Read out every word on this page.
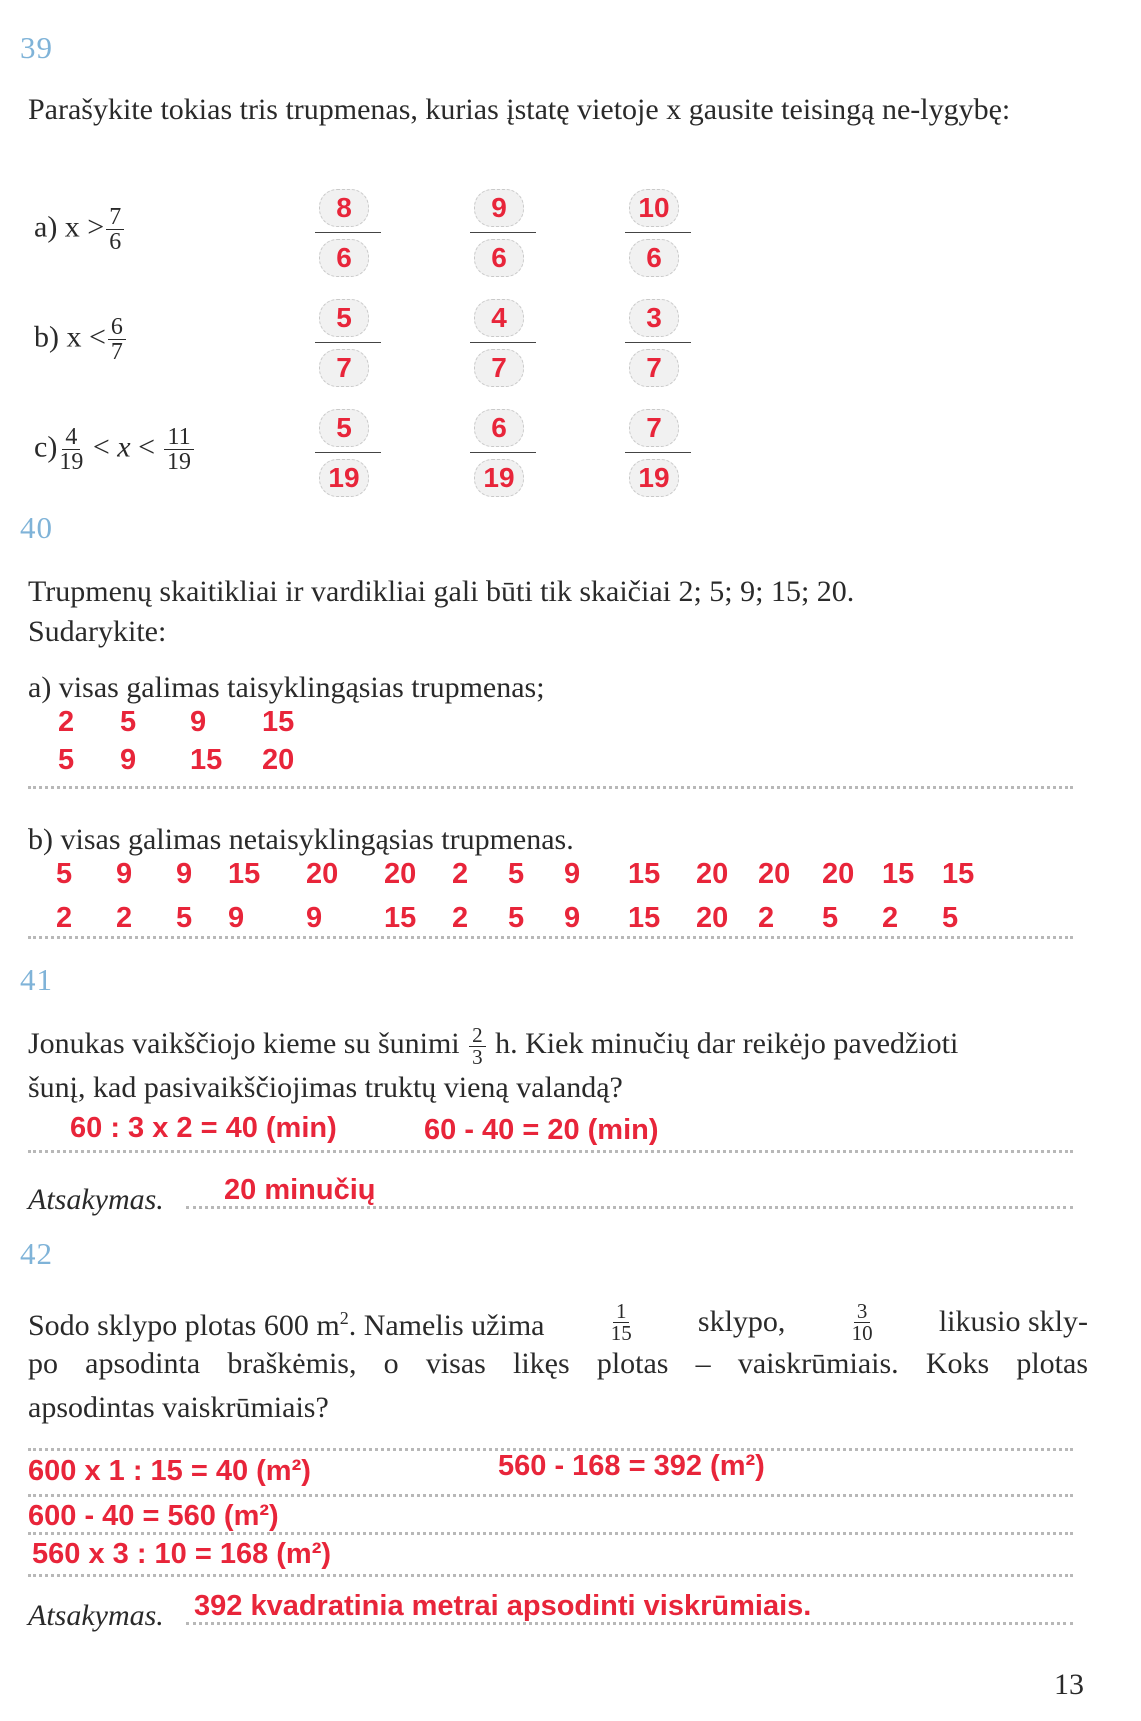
39
Parašykite tokias tris trupmenas, kurias įstatę vietoje x gausite teisingą ne-lygybę:
a) $x > \frac{7}{6}$	$\frac{8}{6}$	$\frac{9}{6}$	$\frac{10}{6}$
b) $x < \frac{6}{7}$	$\frac{5}{7}$	$\frac{4}{7}$	$\frac{3}{7}$
$c) \frac{4}{19} < x < \frac{11}{19}$	$\frac{5}{19}$	$\frac{6}{19}$	$\frac{7}{19}$
40
Trupmenų skaitikliai ir vardikliai gali būti tik skaičiai 2; 5; 9; 15; 20.
Sudarykite:
a) visas galimas taisyklingąsias trupmenas;
2 5 9 15
5 9 15 20
b) visas galimas netaisyklingąsias trupmenas.
5 9 9 15 20 20 2 5 9 15 20 20 20 15 15
2 2 5 9 9 15 2 5 9 15 20 2 5 2 5
41
Jonukas vaikščiojo kieme su šunimi $\frac{2}{3} h$. Kiek minučių dar reikėjo pavedžioti
šunį, kad pasivaikščiojimas truktų vieną valandą?
60 : 3 x 2 = 40 (min)	60 - 40 = 20 (min)
Atsakymas. 20 minučių
42
Sodo sklypo plotas 600 $m^2$. Namelis užima	$\frac{1}{15}$ sklypo,	$\frac{3}{10}$ likusio skly-
po apsodinta braškėmis, o visas likęs plotas – vaiskrūmiais. Koks plotas
apsodintas vaiskrūmiais?
600 x 1 : 15 = 40 (m²)	560 - 168 = 392 (m²)
600 - 40 = 560 (m²)
560 x 3 : 10 = 168 (m²)
Atsakymas. 392 kvadratinia metrai apsodinti viskrūmiais.
13
